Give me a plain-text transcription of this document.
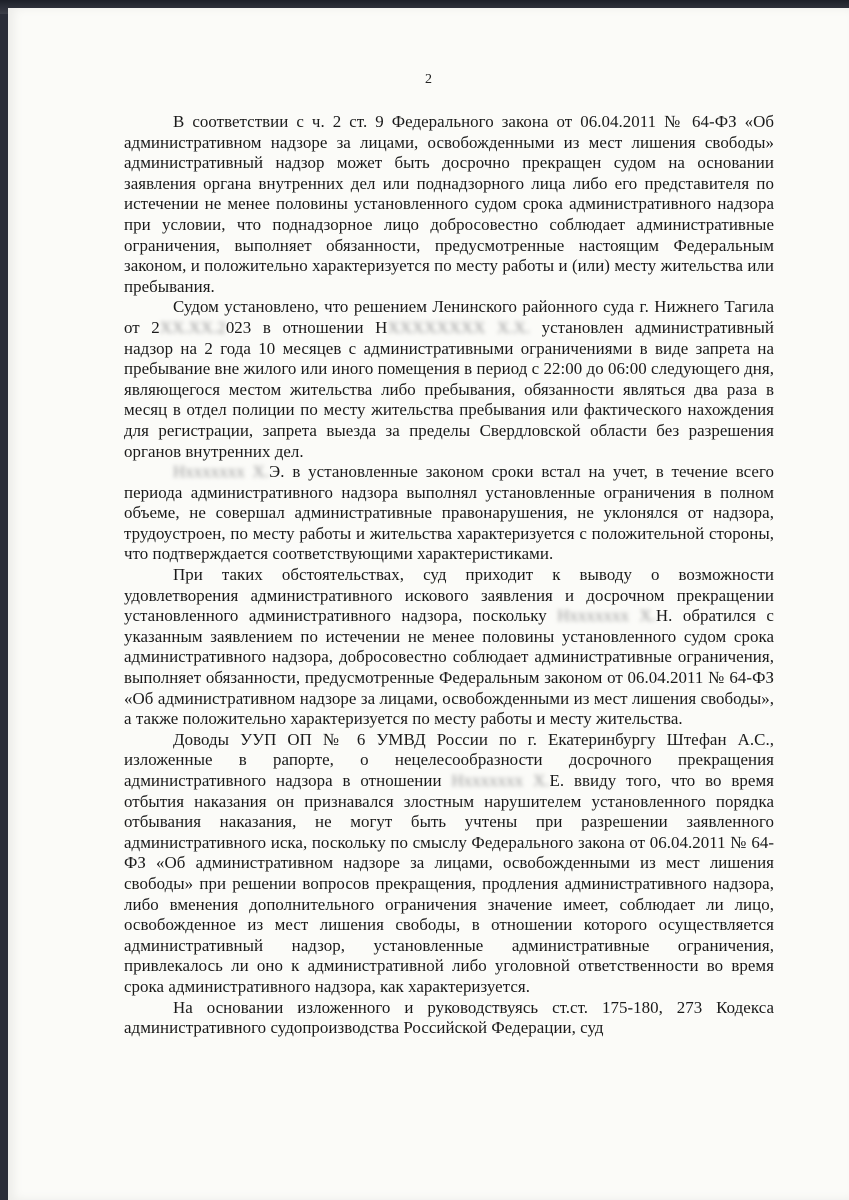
2

В соответствии с ч. 2 ст. 9 Федерального закона от 06.04.2011 № 64-ФЗ «Об административном надзоре за лицами, освобожденными из мест лишения свободы» административный надзор может быть досрочно прекращен судом на основании заявления органа внутренних дел или поднадзорного лица либо его представителя по истечении не менее половины установленного судом срока административного надзора при условии, что поднадзорное лицо добросовестно соблюдает административные ограничения, выполняет обязанности, предусмотренные настоящим Федеральным законом, и положительно характеризуется по месту работы и (или) месту жительства или пребывания.

Судом установлено, что решением Ленинского районного суда г. Нижнего Тагила от 2XX.XX.2023 в отношении НXXXXXXXX X.X. установлен административный надзор на 2 года 10 месяцев с административными ограничениями в виде запрета на пребывание вне жилого или иного помещения в период с 22:00 до 06:00 следующего дня, являющегося местом жительства либо пребывания, обязанности являться два раза в месяц в отдел полиции по месту жительства пребывания или фактического нахождения для регистрации, запрета выезда за пределы Свердловской области без разрешения органов внутренних дел.

Нxxxxxxx X.Э. в установленные законом сроки встал на учет, в течение всего периода административного надзора выполнял установленные ограничения в полном объеме, не совершал административные правонарушения, не уклонялся от надзора, трудоустроен, по месту работы и жительства характеризуется с положительной стороны, что подтверждается соответствующими характеристиками.

При таких обстоятельствах, суд приходит к выводу о возможности удовлетворения административного искового заявления и досрочном прекращении установленного административного надзора, поскольку Нxxxxxxx X.Н. обратился с указанным заявлением по истечении не менее половины установленного судом срока административного надзора, добросовестно соблюдает административные ограничения, выполняет обязанности, предусмотренные Федеральным законом от 06.04.2011 № 64-ФЗ «Об административном надзоре за лицами, освобожденными из мест лишения свободы», а также положительно характеризуется по месту работы и месту жительства.

Доводы УУП ОП № 6 УМВД России по г. Екатеринбургу Штефан А.С., изложенные в рапорте, о нецелесообразности досрочного прекращения административного надзора в отношении Нxxxxxxx X.Е. ввиду того, что во время отбытия наказания он признавался злостным нарушителем установленного порядка отбывания наказания, не могут быть учтены при разрешении заявленного административного иска, поскольку по смыслу Федерального закона от 06.04.2011 № 64-ФЗ «Об административном надзоре за лицами, освобожденными из мест лишения свободы» при решении вопросов прекращения, продления административного надзора, либо вменения дополнительного ограничения значение имеет, соблюдает ли лицо, освобожденное из мест лишения свободы, в отношении которого осуществляется административный надзор, установленные административные ограничения, привлекалось ли оно к административной либо уголовной ответственности во время срока административного надзора, как характеризуется.

На основании изложенного и руководствуясь ст.ст. 175-180, 273 Кодекса административного судопроизводства Российской Федерации, суд
